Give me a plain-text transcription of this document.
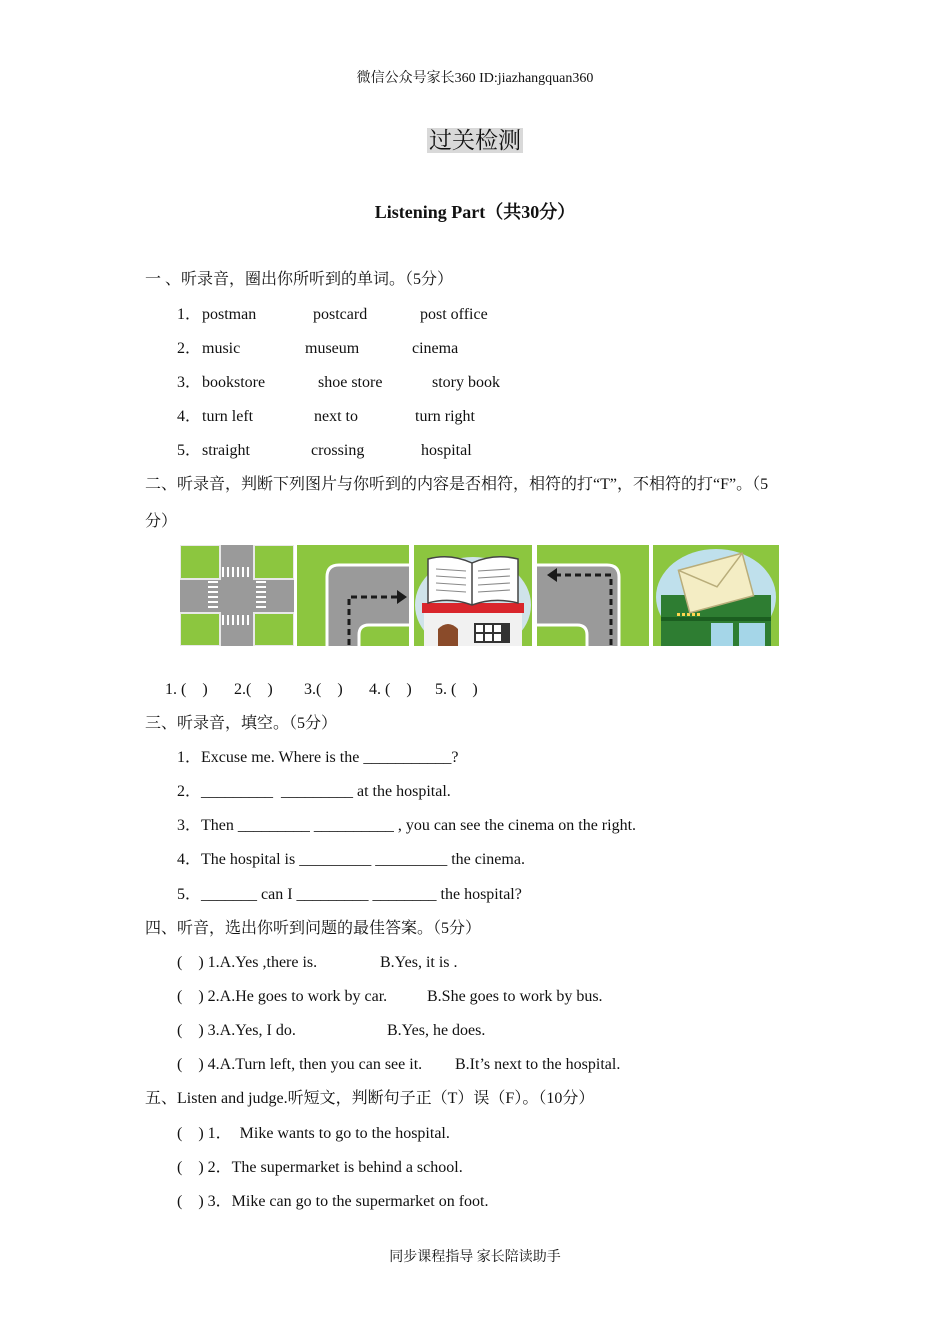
微信公众号家长360 ID:jiazhangquan360
过关检测
Listening Part（共30分）
一 、听录音，圈出你所听到的单词。（5分）
1． postman	postcard	post office
2． music	museum	cinema
3． bookstore	shoe store	story book
4． turn left	next to	turn right
5． straight	crossing	hospital
二、听录音，判断下列图片与你听到的内容是否相符，相符的打“T”，不相符的打“F”。（5
分）
1. (    ) 2.(    ) 3.(    ) 4. (    ) 5. (    )
三、听录音，填空。（5分）
1．Excuse me. Where is the ___________?
2．_________  _________ at the hospital.
3．Then _________ __________ , you can see the cinema on the right.
4．The hospital is _________ _________ the cinema.
5．_______ can I _________ ________ the hospital?
四、听音，选出你听到问题的最佳答案。（5分）
(    ) 1.A.Yes ,there is.	B.Yes, it is .
(    ) 2.A.He goes to work by car. B.She goes to work by bus.
(    ) 3.A.Yes, I do.	B.Yes, he does.
(    ) 4.A.Turn left, then you can see it. B.It’s next to the hospital.
五、Listen and judge.听短文，判断句子正（T）误（F）。（10分）
(    ) 1．  Mike wants to go to the hospital.
(    ) 2．The supermarket is behind a school.
(    ) 3．Mike can go to the supermarket on foot.
同步课程指导 家长陪读助手
